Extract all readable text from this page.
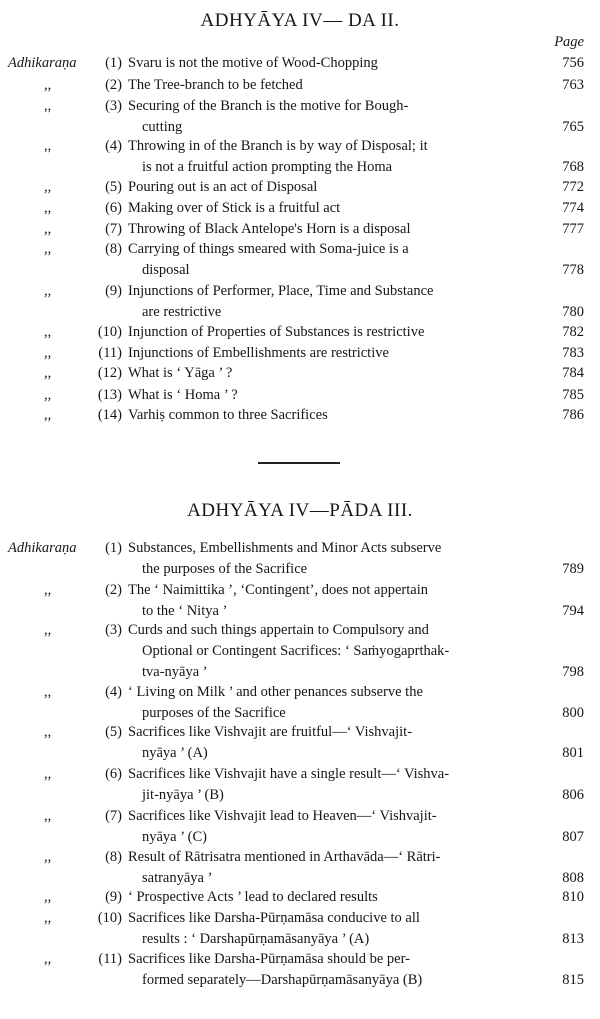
ADHYĀYA IV— DA II.
Page
Adhikaraṇa	(1) Svaru is not the motive of Wood-Chopping	756
,,	(2) The Tree-branch to be fetched	763
,,	(3) Securing of the Branch is the motive for Bough-
cutting	765
,,	(4) Throwing in of the Branch is by way of Disposal; it
is not a fruitful action prompting the Homa	768
,,	(5) Pouring out is an act of Disposal	772
,,	(6) Making over of Stick is a fruitful act	774
,,	(7) Throwing of Black Antelope's Horn is a disposal	777
,,	(8) Carrying of things smeared with Soma-juice is a
disposal	778
,,	(9) Injunctions of Performer, Place, Time and Substance
are restrictive	780
,,	(10) Injunction of Properties of Substances is restrictive	782
,,	(11) Injunctions of Embellishments are restrictive	783
,,	(12) What is ‘ Yāga ’ ?	784
,,	(13) What is ‘ Homa ’ ?	785
,,	(14) Varhiṣ common to three Sacrifices	786
ADHYĀYA IV—PĀDA III.
Adhikaraṇa	(1) Substances, Embellishments and Minor Acts subserve
the purposes of the Sacrifice	789
,,	(2) The ‘ Naimittika ’, ‘Contingent’, does not appertain
to the ‘ Nitya ’	794
,,	(3) Curds and such things appertain to Compulsory and
Optional or Contingent Sacrifices: ‘ Saṁyogaprthak-
tva-nyāya ’	798
,,	(4) ‘ Living on Milk ’ and other penances subserve the
purposes of the Sacrifice	800
,,	(5) Sacrifices like Vishvajit are fruitful—‘ Vishvajit-
nyāya ’ (A)	801
,,	(6) Sacrifices like Vishvajit have a single result—‘ Vishva-
jit-nyāya ’ (B)	806
,,	(7) Sacrifices like Vishvajit lead to Heaven—‘ Vishvajit-
nyāya ’ (C)	807
,,	(8) Result of Rātrisatra mentioned in Arthavāda—‘ Rātri-
satranyāya ’	808
,,	(9) ‘ Prospective Acts ’ lead to declared results	810
,,	(10) Sacrifices like Darsha-Pūrṇamāsa conducive to all
results : ‘ Darshapūrṇamāsanyāya ’ (A)	813
,,	(11) Sacrifices like Darsha-Pūrṇamāsa should be per-
formed separately—Darshapūrṇamāsanyāya (B)	815
